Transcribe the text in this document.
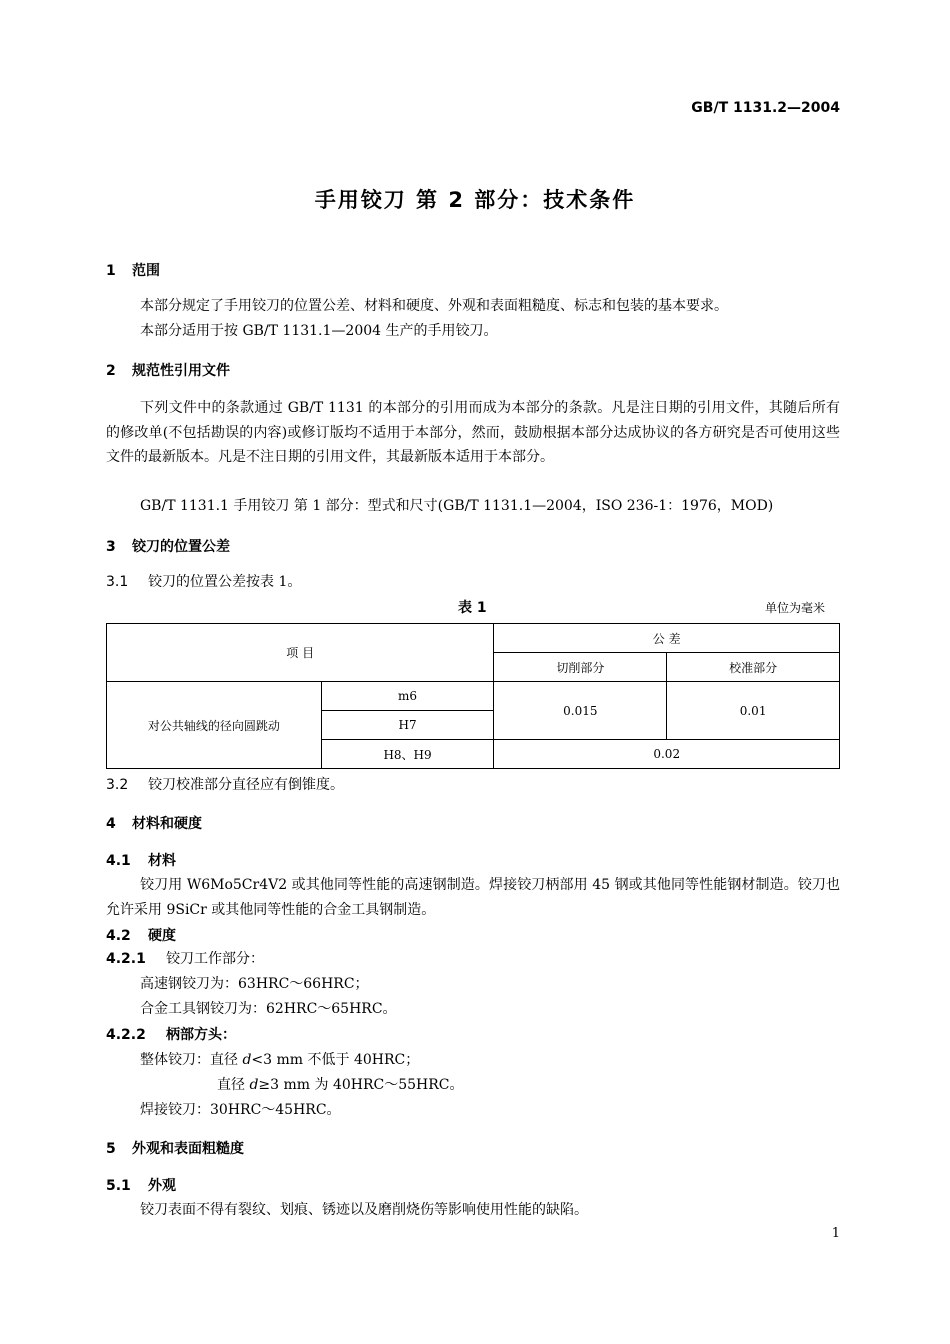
GB/T 1131.2—2004
手用铰刀 第 2 部分：技术条件
1 范围
本部分规定了手用铰刀的位置公差、材料和硬度、外观和表面粗糙度、标志和包装的基本要求。
本部分适用于按 GB/T 1131.1—2004 生产的手用铰刀。
2 规范性引用文件
下列文件中的条款通过 GB/T 1131 的本部分的引用而成为本部分的条款。凡是注日期的引用文件，其随后所有的修改单(不包括勘误的内容)或修订版均不适用于本部分，然而，鼓励根据本部分达成协议的各方研究是否可使用这些文件的最新版本。凡是不注日期的引用文件，其最新版本适用于本部分。
GB/T 1131.1 手用铰刀 第 1 部分：型式和尺寸(GB/T 1131.1—2004，ISO 236-1：1976，MOD)
3 铰刀的位置公差
3.1 铰刀的位置公差按表 1。
表 1	单位为毫米
项 目		公 差	
		切削部分	校准部分
对公共轴线的径向圆跳动	m6	0.015	0.01
	H7		
	H8、H9	0.02	
3.2 铰刀校准部分直径应有倒锥度。
4 材料和硬度
4.1 材料
铰刀用 W6Mo5Cr4V2 或其他同等性能的高速钢制造。焊接铰刀柄部用 45 钢或其他同等性能钢材制造。铰刀也允许采用 9SiCr 或其他同等性能的合金工具钢制造。
4.2 硬度
4.2.1 铰刀工作部分：
高速钢铰刀为：63HRC～66HRC；
合金工具钢铰刀为：62HRC～65HRC。
4.2.2 柄部方头：
整体铰刀：直径 d<3 mm 不低于 40HRC；
直径 d≥3 mm 为 40HRC～55HRC。
焊接铰刀：30HRC～45HRC。
5 外观和表面粗糙度
5.1 外观
铰刀表面不得有裂纹、划痕、锈迹以及磨削烧伤等影响使用性能的缺陷。
1
